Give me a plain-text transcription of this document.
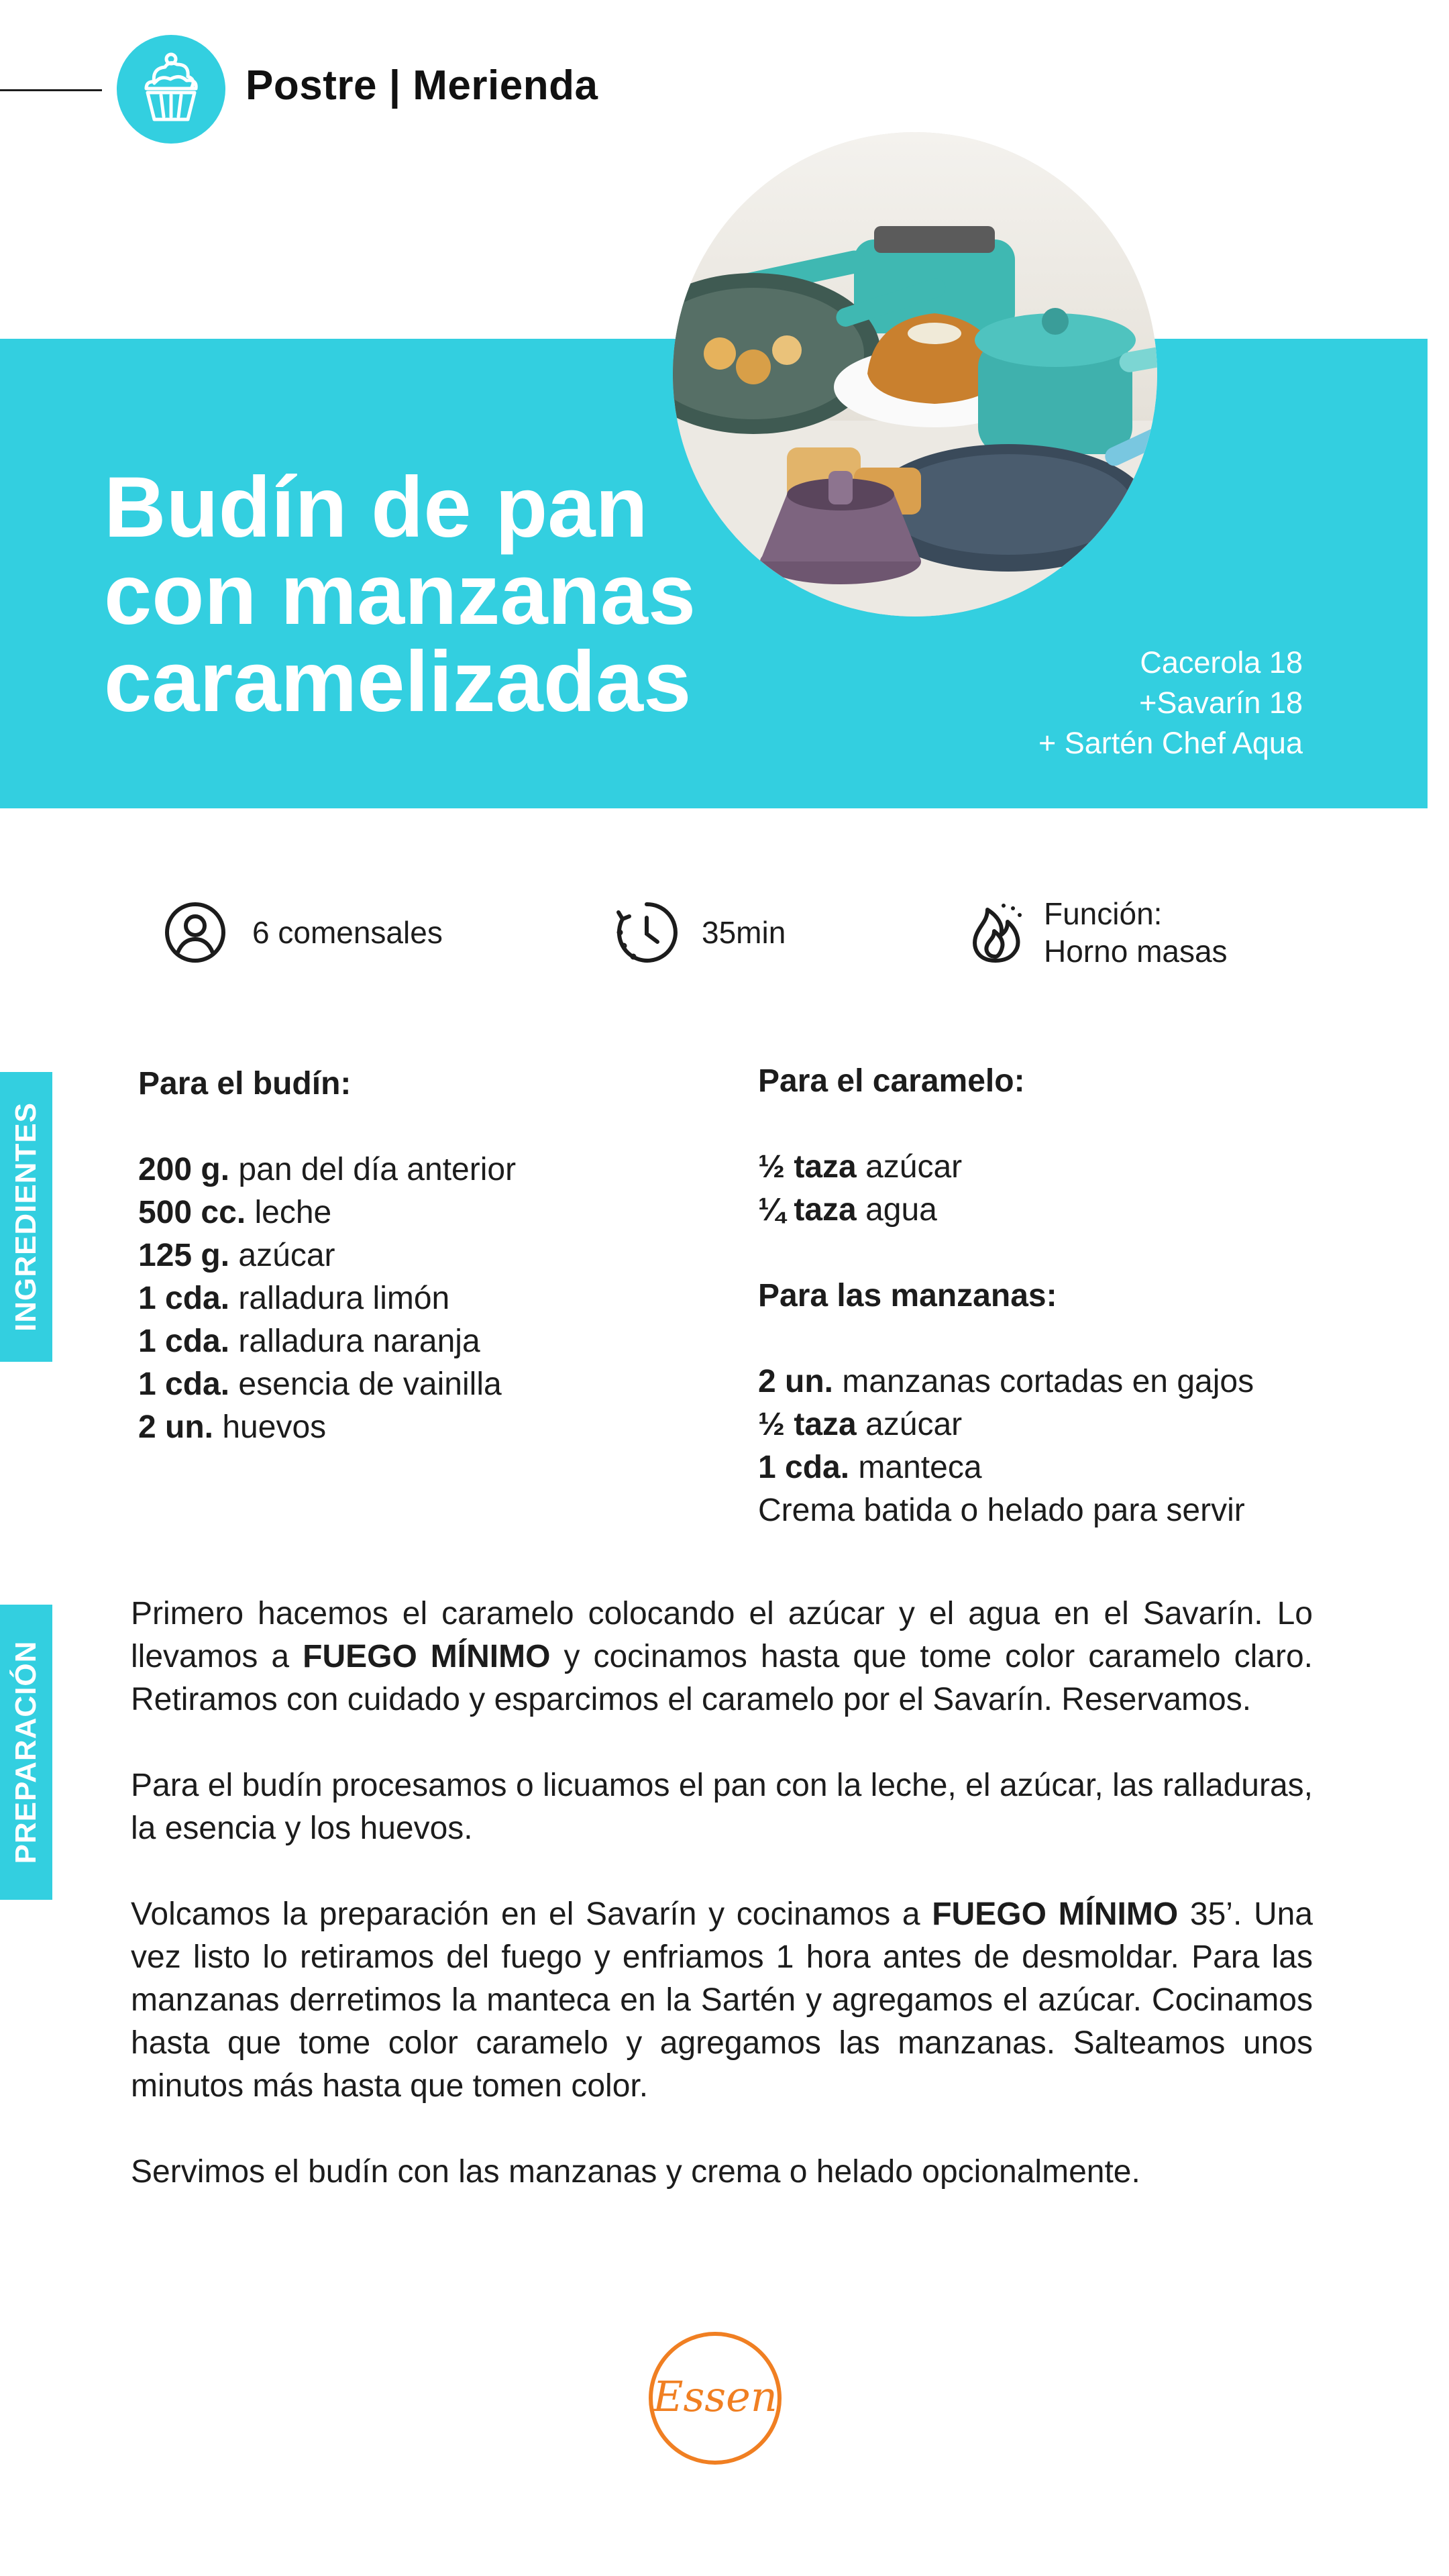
Postre | Merienda
Budín de pan
con manzanas
caramelizadas	Cacerola 18
+Savarín 18
+ Sartén Chef Aqua
6 comensales	35min
Función:
Horno masas
INGREDIENTES
PREPARACIÓN
Para el budín:
200 g. pan del día anterior
500 cc. leche
125 g. azúcar
1 cda. ralladura limón
1 cda. ralladura naranja
1 cda. esencia de vainilla
2 un. huevos
Para el caramelo:
½ taza azúcar
¼ taza agua
Para las manzanas:
2 un. manzanas cortadas en gajos
½ taza azúcar
1 cda. manteca
Crema batida o helado para servir

Primero hacemos el caramelo colocando el azúcar y el agua en el Savarín. Lo llevamos a FUEGO MÍNIMO y cocinamos hasta que tome color caramelo claro. Retiramos con cuidado y esparcimos el caramelo por el Savarín. Reservamos.

Para el budín procesamos o licuamos el pan con la leche, el azúcar, las ralladuras, la esencia y los huevos.

Volcamos la preparación en el Savarín y cocinamos a FUEGO MÍNIMO 35’. Una vez listo lo retiramos del fuego y enfriamos 1 hora antes de desmoldar. Para las manzanas derretimos la manteca en la Sartén y agregamos el azúcar. Cocinamos hasta que tome color caramelo y agregamos las manzanas. Salteamos unos minutos más hasta que tomen color.

Servimos el budín con las manzanas y crema o helado opcionalmente.

Essen
